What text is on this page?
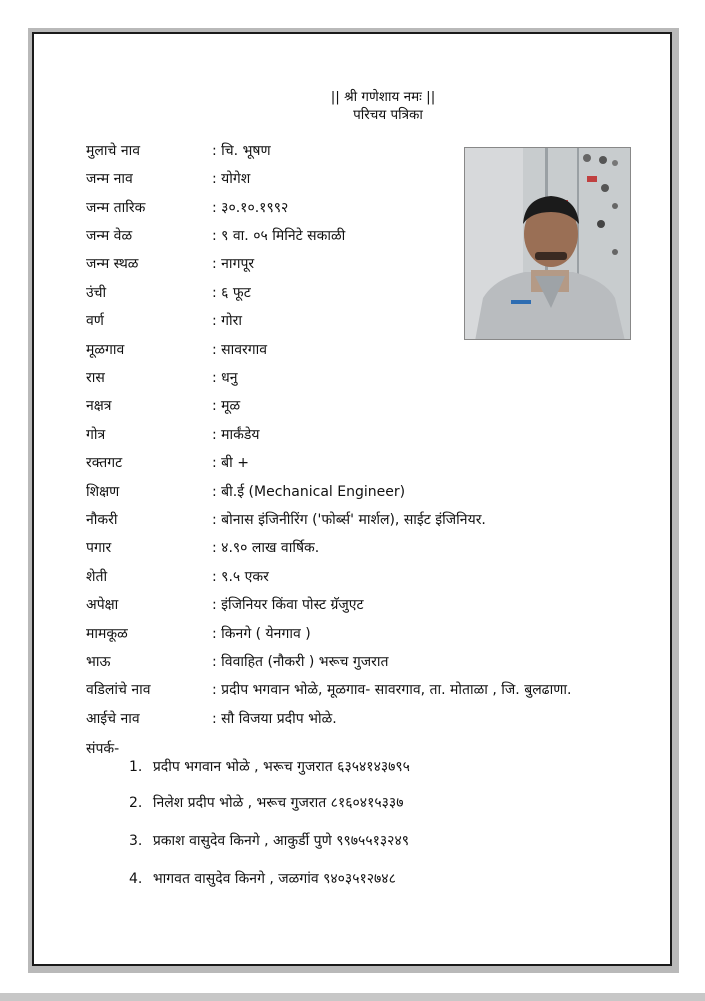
|| श्री गणेशाय नमः ||
परिचय पत्रिका
मुलाचे नाव	: चि. भूषण
जन्म नाव	: योगेश
जन्म तारिक	: ३०.१०.१९९२
जन्म वेळ	: ९ वा. ०५ मिनिटे सकाळी
जन्म स्थळ	: नागपूर
उंची	: ६ फूट
वर्ण	: गोरा
मूळगाव	: सावरगाव
रास	: धनु
नक्षत्र	: मूळ
गोत्र	: मार्कंडेय
रक्तगट	: बी +
शिक्षण	: बी.ई (Mechanical Engineer)
नौकरी	: बोनास इंजिनीरिंग ('फोर्ब्स' मार्शल), साईट इंजिनियर.
पगार	: ४.९० लाख वार्षिक.
शेती	: ९.५ एकर
अपेक्षा	: इंजिनियर किंवा पोस्ट ग्रॅजुएट
मामकूळ	: किनगे ( येनगाव )
भाऊ	: विवाहित (नौकरी ) भरूच गुजरात
वडिलांचे नाव	: प्रदीप भगवान भोळे, मूळगाव- सावरगाव, ता. मोताळा , जि. बुलढाणा.
आईचे नाव	: सौ विजया प्रदीप भोळे.
संपर्क-
1. प्रदीप भगवान भोळे , भरूच गुजरात ६३५४१४३७९५
2. निलेश प्रदीप भोळे , भरूच गुजरात ८१६०४१५३३७
3. प्रकाश वासुदेव किनगे , आकुर्डी पुणे ९९७५५१३२४९
4. भागवत वासुदेव किनगे , जळगांव ९४०३५१२७४८
